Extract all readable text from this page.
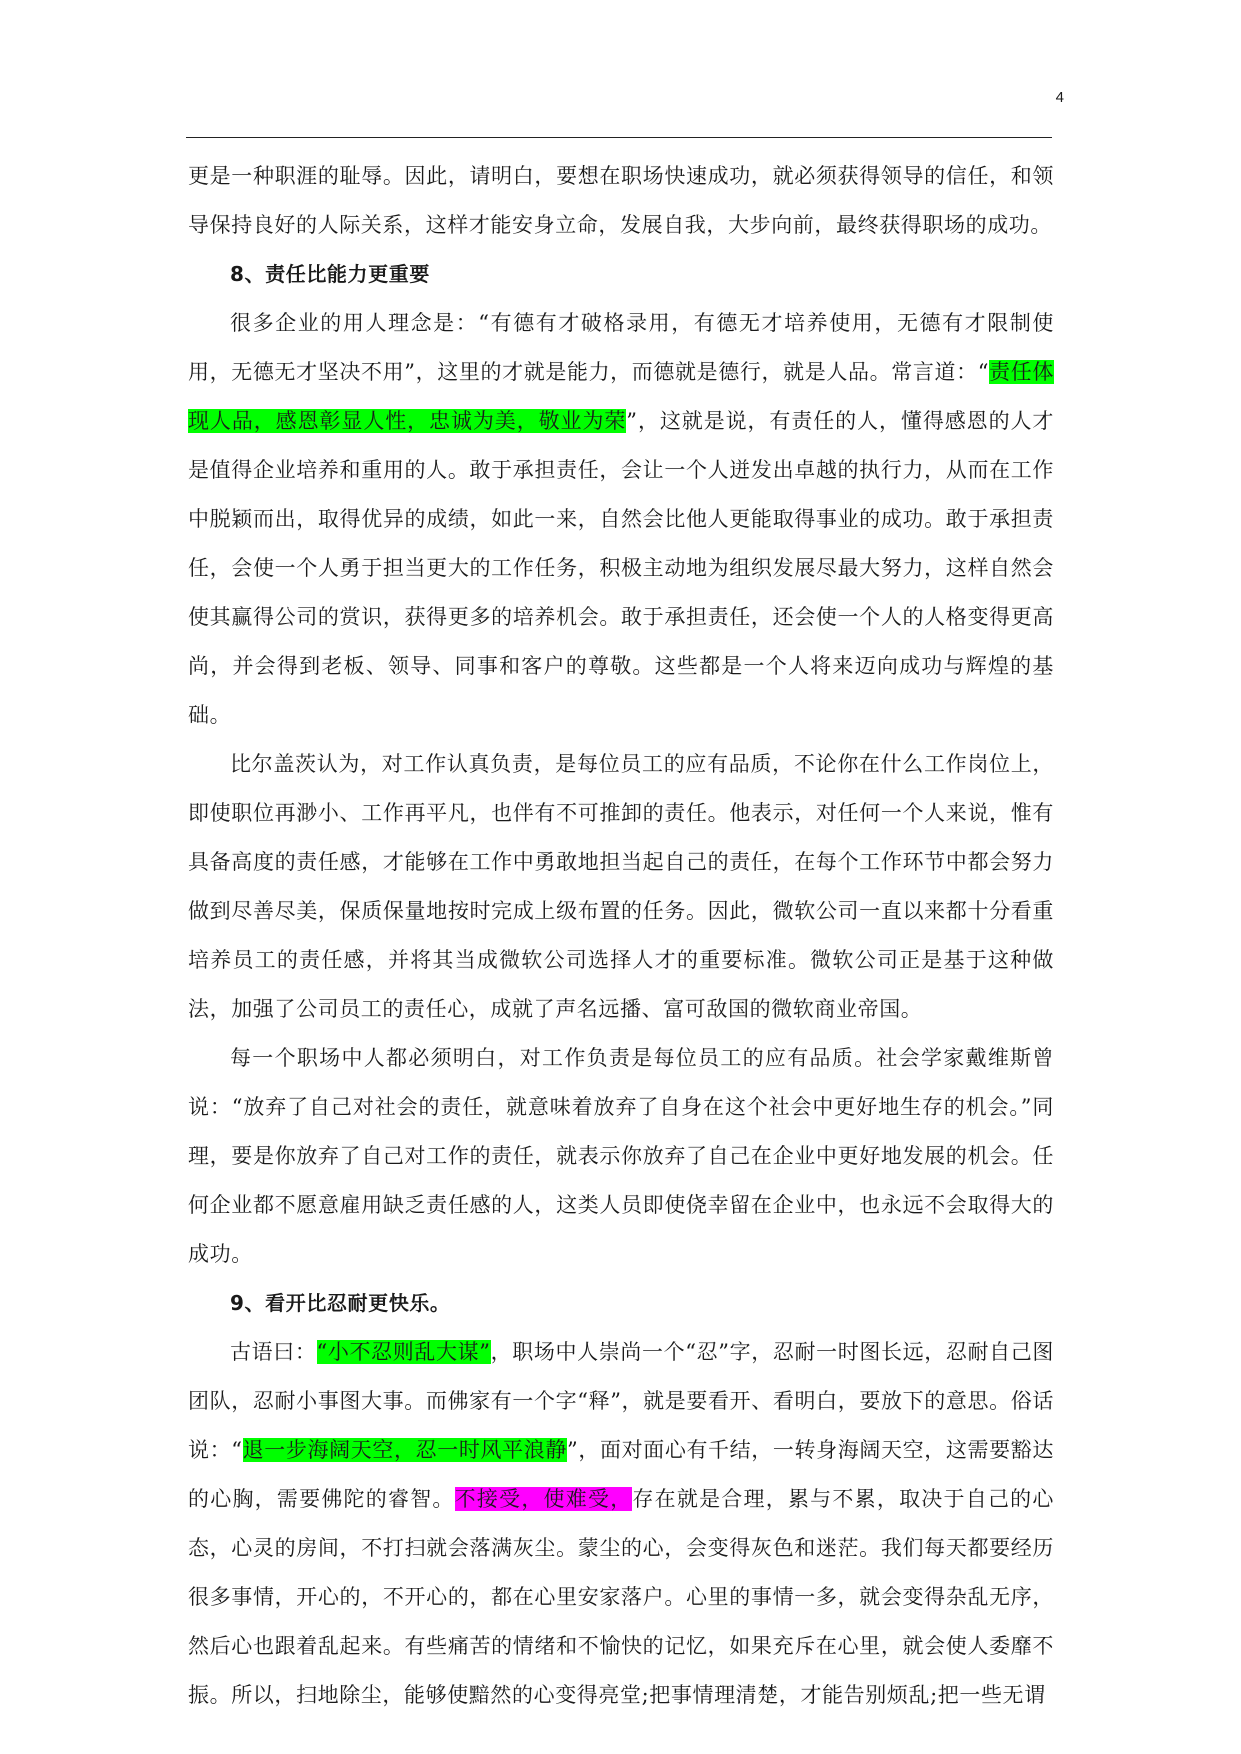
4

更是一种职涯的耻辱。因此，请明白，要想在职场快速成功，就必须获得领导的信任，和领导保持良好的人际关系，这样才能安身立命，发展自我，大步向前，最终获得职场的成功。

8、责任比能力更重要

很多企业的用人理念是：“有德有才破格录用，有德无才培养使用，无德有才限制使用，无德无才坚决不用”，这里的才就是能力，而德就是德行，就是人品。常言道：“责任体现人品，感恩彰显人性，忠诚为美，敬业为荣”，这就是说，有责任的人，懂得感恩的人才是值得企业培养和重用的人。敢于承担责任，会让一个人迸发出卓越的执行力，从而在工作中脱颖而出，取得优异的成绩，如此一来，自然会比他人更能取得事业的成功。敢于承担责任，会使一个人勇于担当更大的工作任务，积极主动地为组织发展尽最大努力，这样自然会使其赢得公司的赏识，获得更多的培养机会。敢于承担责任，还会使一个人的人格变得更高尚，并会得到老板、领导、同事和客户的尊敬。这些都是一个人将来迈向成功与辉煌的基础。

比尔盖茨认为，对工作认真负责，是每位员工的应有品质，不论你在什么工作岗位上，即使职位再渺小、工作再平凡，也伴有不可推卸的责任。他表示，对任何一个人来说，惟有具备高度的责任感，才能够在工作中勇敢地担当起自己的责任，在每个工作环节中都会努力做到尽善尽美，保质保量地按时完成上级布置的任务。因此，微软公司一直以来都十分看重培养员工的责任感，并将其当成微软公司选择人才的重要标准。微软公司正是基于这种做法，加强了公司员工的责任心，成就了声名远播、富可敌国的微软商业帝国。

每一个职场中人都必须明白，对工作负责是每位员工的应有品质。社会学家戴维斯曾说：“放弃了自己对社会的责任，就意味着放弃了自身在这个社会中更好地生存的机会。”同理，要是你放弃了自己对工作的责任，就表示你放弃了自己在企业中更好地发展的机会。任何企业都不愿意雇用缺乏责任感的人，这类人员即使侥幸留在企业中，也永远不会取得大的成功。

9、看开比忍耐更快乐。

古语曰：“小不忍则乱大谋”，职场中人崇尚一个“忍”字，忍耐一时图长远，忍耐自己图团队，忍耐小事图大事。而佛家有一个字“释”，就是要看开、看明白，要放下的意思。俗话说：“退一步海阔天空，忍一时风平浪静”，面对面心有千结，一转身海阔天空，这需要豁达的心胸，需要佛陀的睿智。不接受，使难受，存在就是合理，累与不累，取决于自己的心态，心灵的房间，不打扫就会落满灰尘。蒙尘的心，会变得灰色和迷茫。我们每天都要经历很多事情，开心的，不开心的，都在心里安家落户。心里的事情一多，就会变得杂乱无序，然后心也跟着乱起来。有些痛苦的情绪和不愉快的记忆，如果充斥在心里，就会使人委靡不振。所以，扫地除尘，能够使黯然的心变得亮堂;把事情理清楚，才能告别烦乱;把一些无谓
